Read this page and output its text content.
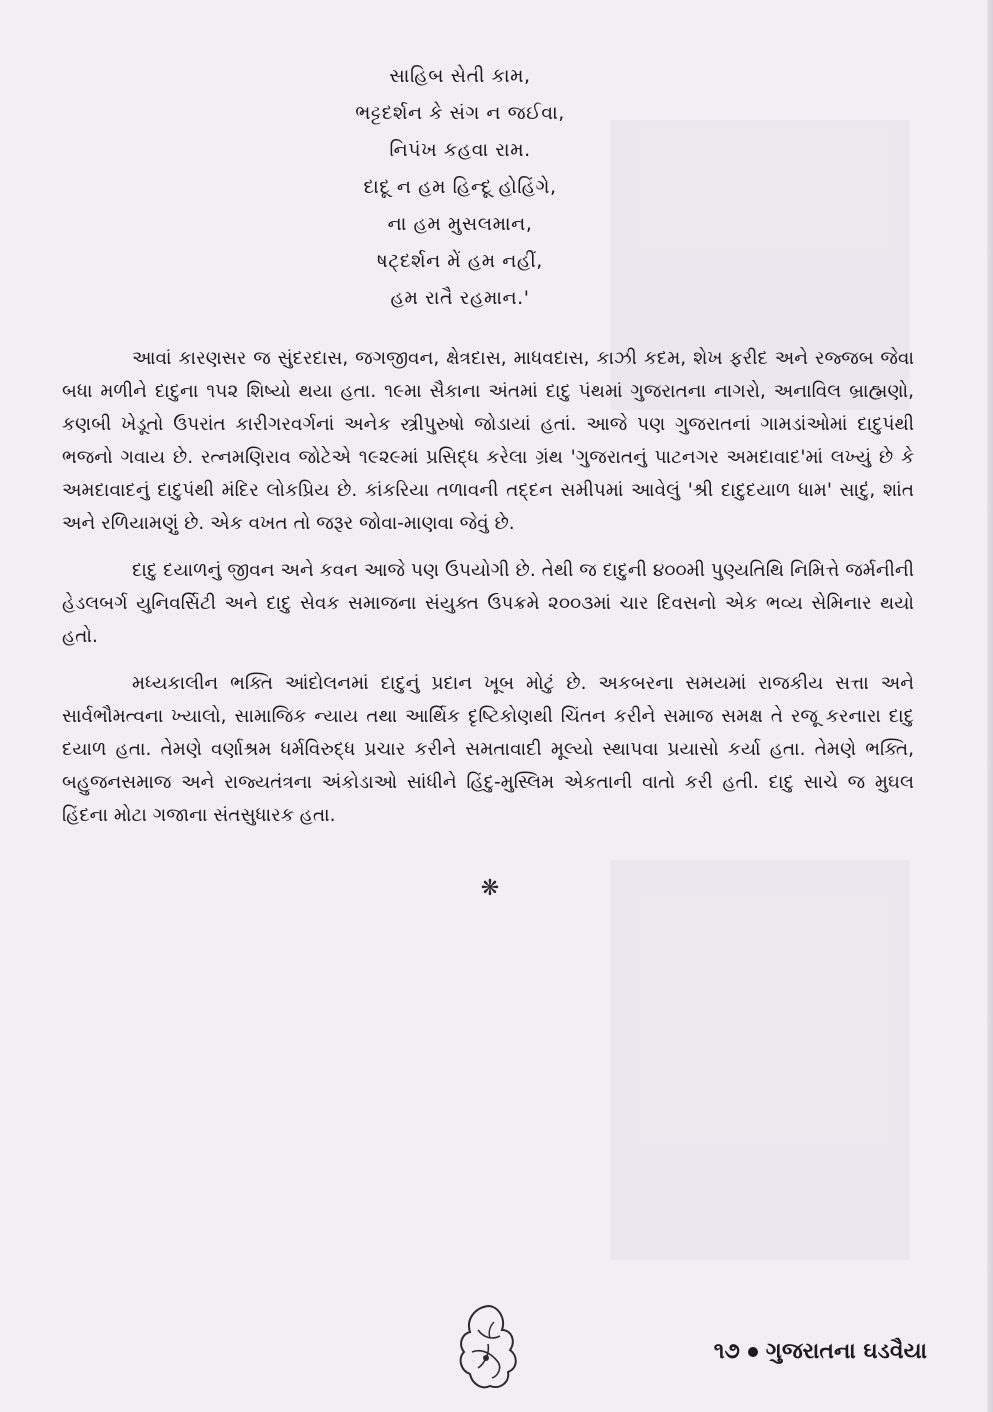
સાહિબ સેતી કામ,
ભટ્ટદર્શન કે સંગ ન જઈવા,
નિપંખ કહવા રામ.
દાદૂ ન હમ હિન્દૂ હોહિંગે,
ના હમ મુસલમાન,
ષટ્દર્શન મેં હમ નહીં,
હમ રાતૈ રહમાન.'

આવાં કારણસર જ સુંદરદાસ, જગજીવન, ક્ષેત્રદાસ, માધવદાસ, કાઝી કદમ, શેખ ફરીદ અને રજ્જબ જેવા બધા મળીને દાદુના ૧૫૨ શિષ્યો થયા હતા. ૧૯મા સૈકાના અંતમાં દાદુ પંથમાં ગુજરાતના નાગરો, અનાવિલ બ્રાહ્મણો, કણબી ખેડૂતો ઉપરાંત કારીગરવર્ગનાં અનેક સ્ત્રીપુરુષો જોડાયાં હતાં. આજે પણ ગુજરાતનાં ગામડાંઓમાં દાદુપંથી ભજનો ગવાય છે. રત્નમણિરાવ જોટેએ ૧૯૨૯માં પ્રસિદ્ધ કરેલા ગ્રંથ 'ગુજરાતનું પાટનગર અમદાવાદ'માં લખ્યું છે કે અમદાવાદનું દાદુપંથી મંદિર લોકપ્રિય છે. કાંકરિયા તળાવની તદ્દન સમીપમાં આવેલું 'શ્રી દાદુદયાળ ધામ' સાદું, શાંત અને રળિયામણું છે. એક વખત તો જરૂર જોવા-માણવા જેવું છે.

દાદુ દયાળનું જીવન અને કવન આજે પણ ઉપયોગી છે. તેથી જ દાદુની ૪૦૦મી પુણ્યતિથિ નિમિત્તે જર્મનીની હેડલબર્ગ યુનિવર્સિટી અને દાદુ સેવક સમાજના સંયુક્ત ઉપક્રમે ૨૦૦૩માં ચાર દિવસનો એક ભવ્ય સેમિનાર થયો હતો.

મધ્યકાલીન ભક્તિ આંદોલનમાં દાદુનું પ્રદાન ખૂબ મોટું છે. અકબરના સમયમાં રાજકીય સત્તા અને સાર્વભૌમત્વના ખ્યાલો, સામાજિક ન્યાય તથા આર્થિક દૃષ્ટિકોણથી ચિંતન કરીને સમાજ સમક્ષ તે રજૂ કરનારા દાદુ દયાળ હતા. તેમણે વર્ણાશ્રમ ધર્મવિરુદ્ધ પ્રચાર કરીને સમતાવાદી મૂલ્યો સ્થાપવા પ્રયાસો કર્યા હતા. તેમણે ભક્તિ, બહુજનસમાજ અને રાજ્યતંત્રના અંકોડાઓ સાંધીને હિંદુ-મુસ્લિમ એકતાની વાતો કરી હતી. દાદુ સાચે જ મુઘલ હિંદના મોટા ગજાના સંતસુધારક હતા.

❋
૧૭ ગુજરાતના ઘડવૈયા
